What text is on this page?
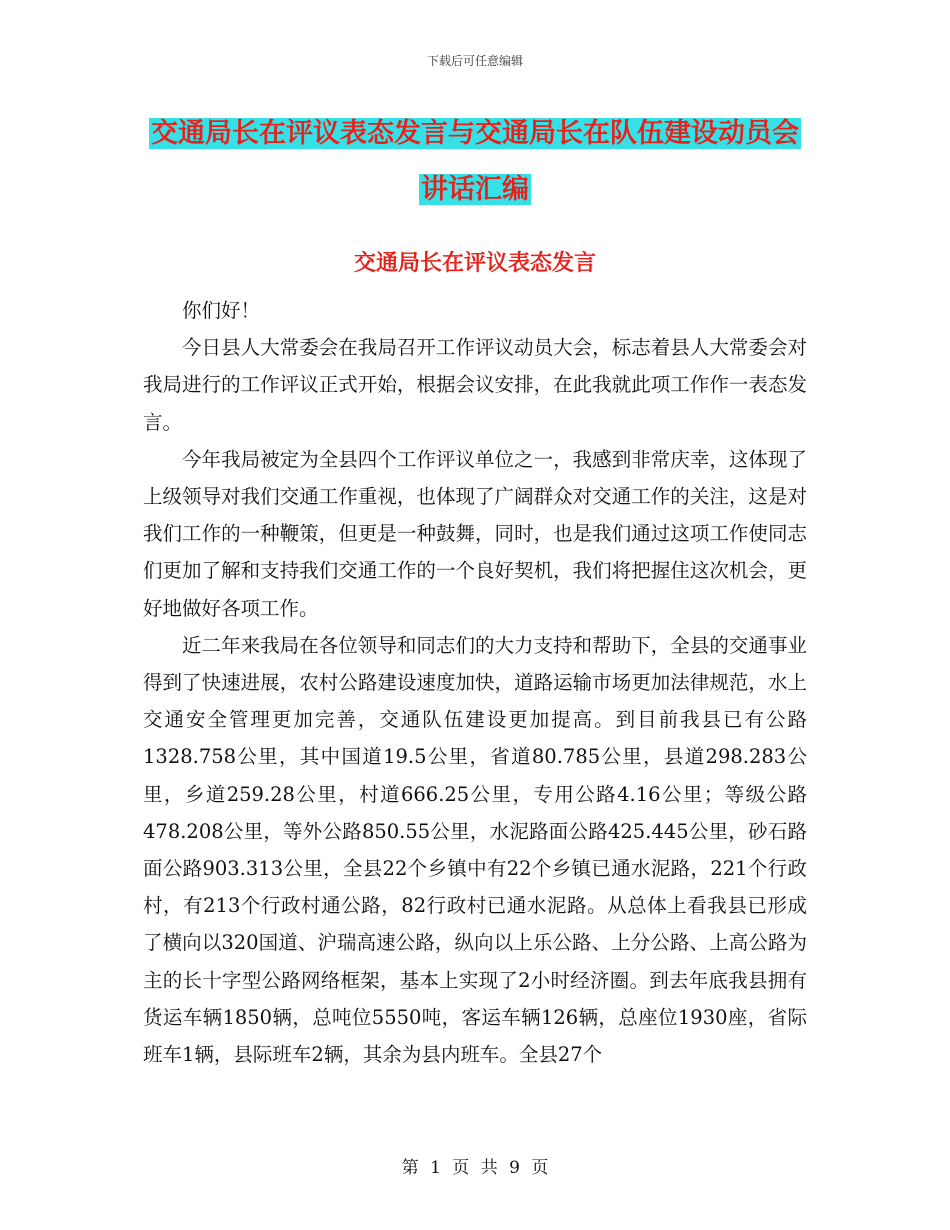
下载后可任意编辑
交通局长在评议表态发言与交通局长在队伍建设动员会讲话汇编
交通局长在评议表态发言

你们好！

今日县人大常委会在我局召开工作评议动员大会，标志着县人大常委会对我局进行的工作评议正式开始，根据会议安排，在此我就此项工作作一表态发言。

今年我局被定为全县四个工作评议单位之一，我感到非常庆幸，这体现了上级领导对我们交通工作重视，也体现了广阔群众对交通工作的关注，这是对我们工作的一种鞭策，但更是一种鼓舞，同时，也是我们通过这项工作使同志们更加了解和支持我们交通工作的一个良好契机，我们将把握住这次机会，更好地做好各项工作。

近二年来我局在各位领导和同志们的大力支持和帮助下，全县的交通事业得到了快速进展，农村公路建设速度加快，道路运输市场更加法律规范，水上交通安全管理更加完善，交通队伍建设更加提高。到目前我县已有公路1328.758公里，其中国道19.5公里，省道80.785公里，县道298.283公里，乡道259.28公里，村道666.25公里，专用公路4.16公里；等级公路478.208公里，等外公路850.55公里，水泥路面公路425.445公里，砂石路面公路903.313公里，全县22个乡镇中有22个乡镇已通水泥路，221个行政村，有213个行政村通公路，82行政村已通水泥路。从总体上看我县已形成了横向以320国道、沪瑞高速公路，纵向以上乐公路、上分公路、上高公路为主的长十字型公路网络框架，基本上实现了2小时经济圈。到去年底我县拥有货运车辆1850辆，总吨位5550吨，客运车辆126辆，总座位1930座，省际班车1辆，县际班车2辆，其余为县内班车。全县27个

第 1 页 共 9 页
